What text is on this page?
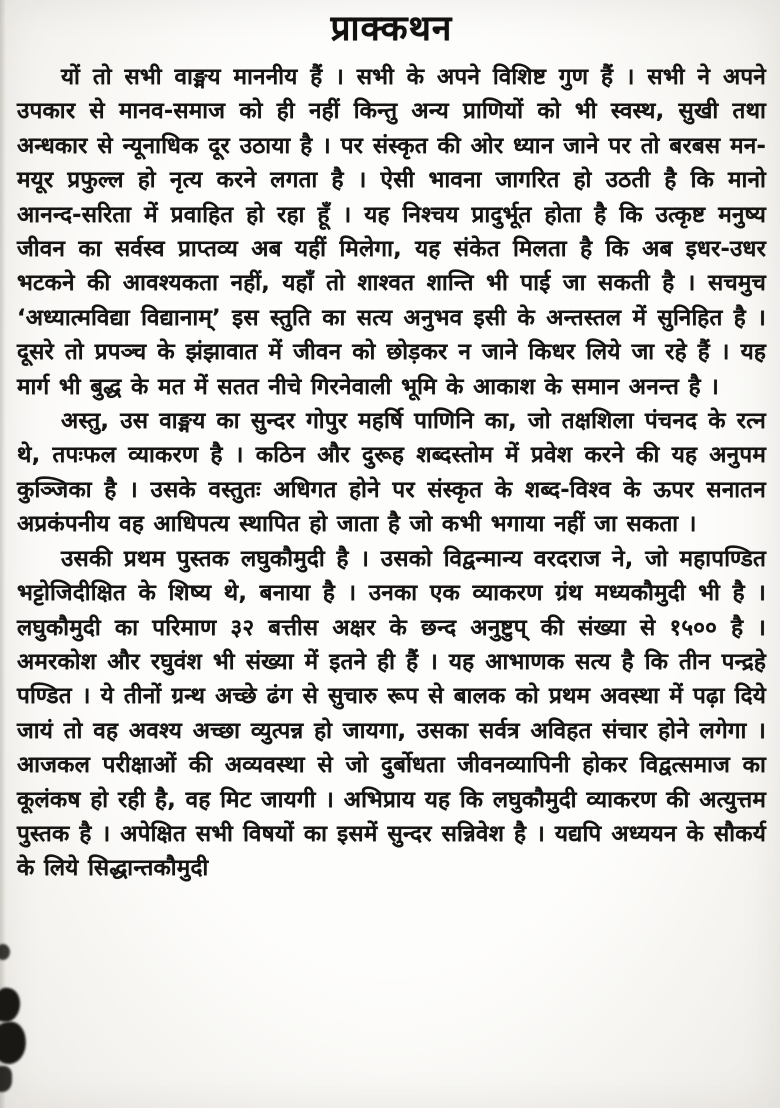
प्राक्कथन

यों तो सभी वाङ्मय माननीय हैं । सभी के अपने विशिष्ट गुण हैं । सभी ने अपने उपकार से मानव-समाज को ही नहीं किन्तु अन्य प्राणियों को भी स्वस्थ, सुखी तथा अन्धकार से न्यूनाधिक दूर उठाया है । पर संस्कृत की ओर ध्यान जाने पर तो बरबस मन-मयूर प्रफुल्ल हो नृत्य करने लगता है । ऐसी भावना जागरित हो उठती है कि मानो आनन्द-सरिता में प्रवाहित हो रहा हूँ । यह निश्चय प्रादुर्भूत होता है कि उत्कृष्ट मनुष्य जीवन का सर्वस्व प्राप्तव्य अब यहीं मिलेगा, यह संकेत मिलता है कि अब इधर-उधर भटकने की आवश्यकता नहीं, यहाँ तो शाश्वत शान्ति भी पाई जा सकती है । सचमुच ‘अध्यात्मविद्या विद्यानाम्’ इस स्तुति का सत्य अनुभव इसी के अन्तस्तल में सुनिहित है । दूसरे तो प्रपञ्च के झंझावात में जीवन को छोड़कर न जाने किधर लिये जा रहे हैं । यह मार्ग भी बुद्ध के मत में सतत नीचे गिरनेवाली भूमि के आकाश के समान अनन्त है ।

अस्तु, उस वाङ्मय का सुन्दर गोपुर महर्षि पाणिनि का, जो तक्षशिला पंचनद के रत्न थे, तपःफल व्याकरण है । कठिन और दुरूह शब्दस्तोम में प्रवेश करने की यह अनुपम कुञ्जिका है । उसके वस्तुतः अधिगत होने पर संस्कृत के शब्द-विश्व के ऊपर सनातन अप्रकंपनीय वह आधिपत्य स्थापित हो जाता है जो कभी भगाया नहीं जा सकता ।

उसकी प्रथम पुस्तक लघुकौमुदी है । उसको विद्वन्मान्य वरदराज ने, जो महापण्डित भट्टोजिदीक्षित के शिष्य थे, बनाया है । उनका एक व्याकरण ग्रंथ मध्यकौमुदी भी है । लघुकौमुदी का परिमाण ३२ बत्तीस अक्षर के छन्द अनुष्टुप् की संख्या से १५०० है । अमरकोश और रघुवंश भी संख्या में इतने ही हैं । यह आभाणक सत्य है कि तीन पन्द्रहे पण्डित । ये तीनों ग्रन्थ अच्छे ढंग से सुचारु रूप से बालक को प्रथम अवस्था में पढ़ा दिये जायं तो वह अवश्य अच्छा व्युत्पन्न हो जायगा, उसका सर्वत्र अविहत संचार होने लगेगा । आजकल परीक्षाओं की अव्यवस्था से जो दुर्बोधता जीवनव्यापिनी होकर विद्वत्समाज का कूलंकष हो रही है, वह मिट जायगी । अभिप्राय यह कि लघुकौमुदी व्याकरण की अत्युत्तम पुस्तक है । अपेक्षित सभी विषयों का इसमें सुन्दर सन्निवेश है । यद्यपि अध्ययन के सौकर्य के लिये सिद्धान्तकौमुदी
